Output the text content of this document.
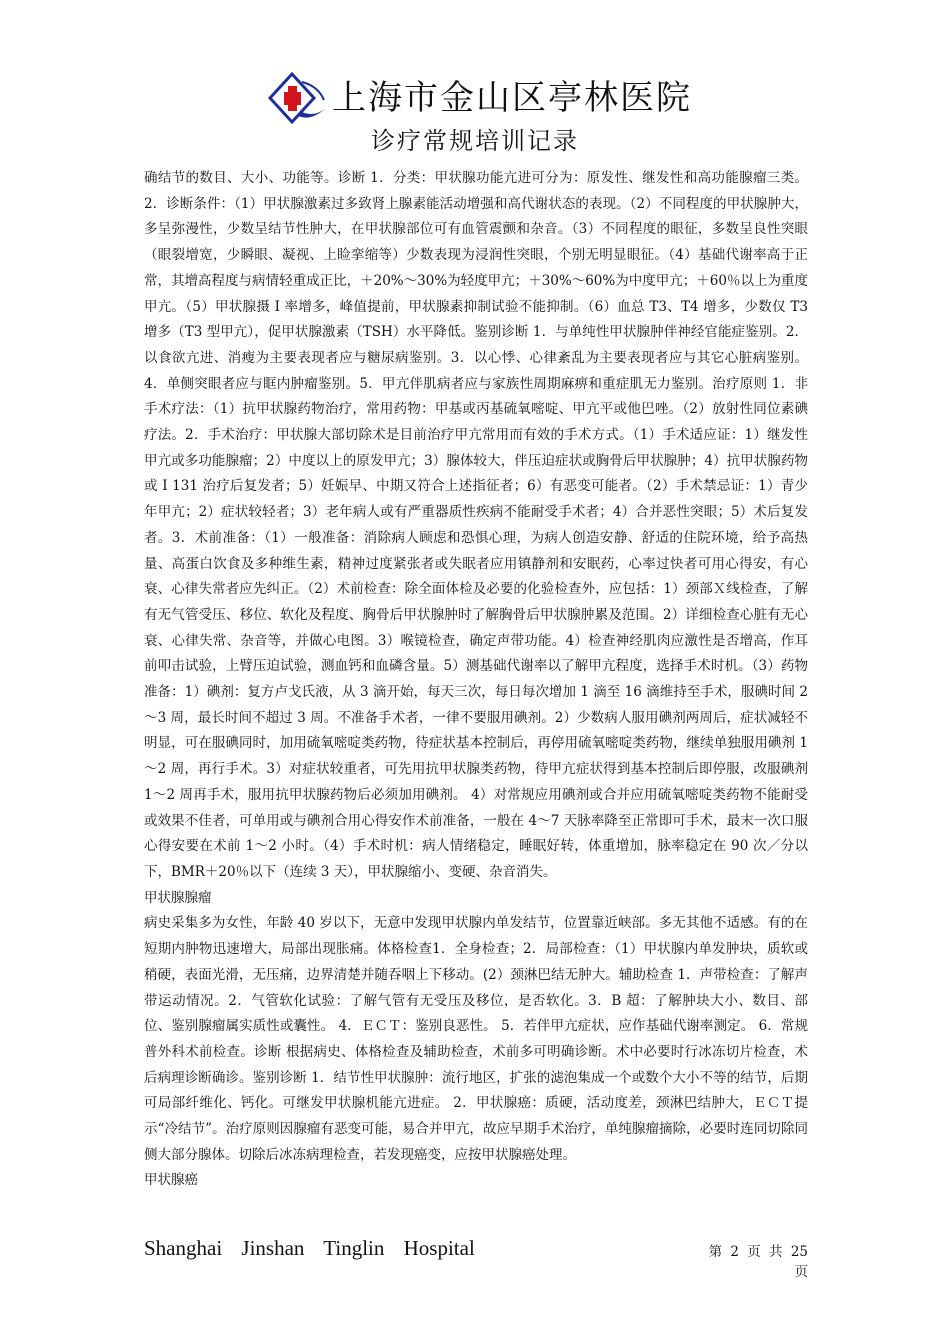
上海市金山区亭林医院
诊疗常规培训记录

确结节的数目、大小、功能等。诊断 1．分类：甲状腺功能亢进可分为：原发性、继发性和高功能腺瘤三类。2．诊断条件：（1）甲状腺激素过多致肾上腺素能活动增强和高代谢状态的表现。（2）不同程度的甲状腺肿大，多呈弥漫性，少数呈结节性肿大，在甲状腺部位可有血管震颤和杂音。（3）不同程度的眼征，多数呈良性突眼（眼裂增宽，少瞬眼、凝视、上睑挛缩等）少数表现为浸润性突眼，个别无明显眼征。（4）基础代谢率高于正常，其增高程度与病情轻重成正比，＋20%～30%为轻度甲亢；＋30%～60%为中度甲亢；＋60％以上为重度甲亢。（5）甲状腺摄 I 率增多，峰值提前，甲状腺素抑制试验不能抑制。（6）血总 T3、T4 增多，少数仅 T3 增多（T3 型甲亢），促甲状腺激素（TSH）水平降低。鉴别诊断 1．与单纯性甲状腺肿伴神经官能症鉴别。2．以食欲亢进、消瘦为主要表现者应与糖尿病鉴别。3．以心悸、心律紊乱为主要表现者应与其它心脏病鉴别。4．单侧突眼者应与眶内肿瘤鉴别。5．甲亢伴肌病者应与家族性周期麻痹和重症肌无力鉴别。治疗原则 1．非手术疗法：（1）抗甲状腺药物治疗，常用药物：甲基或丙基硫氧嘧啶、甲亢平或他巴唑。（2）放射性同位素碘疗法。2．手术治疗：甲状腺大部切除术是目前治疗甲亢常用而有效的手术方式。（1）手术适应证：1）继发性甲亢或多功能腺瘤；2）中度以上的原发甲亢；3）腺体较大，伴压迫症状或胸骨后甲状腺肿；4）抗甲状腺药物或 I 131 治疗后复发者；5）妊娠早、中期又符合上述指征者；6）有恶变可能者。（2）手术禁忌证：1）青少年甲亢；2）症状较轻者；3）老年病人或有严重器质性疾病不能耐受手术者；4）合并恶性突眼；5）术后复发者。3．术前准备：（1）一般准备：消除病人顾虑和恐惧心理，为病人创造安静、舒适的住院环境，给予高热量、高蛋白饮食及多种维生素，精神过度紧张者或失眠者应用镇静剂和安眠药，心率过快者可用心得安，有心衰、心律失常者应先纠正。（2）术前检查：除全面体检及必要的化验检查外，应包括：1）颈部Ｘ线检查，了解有无气管受压、移位、软化及程度、胸骨后甲状腺肿时了解胸骨后甲状腺肿累及范围。2）详细检查心脏有无心衰、心律失常、杂音等，并做心电图。3）喉镜检查，确定声带功能。4）检查神经肌肉应激性是否增高，作耳前叩击试验，上臂压迫试验，测血钙和血磷含量。5）测基础代谢率以了解甲亢程度，选择手术时机。（3）药物准备：1）碘剂：复方卢戈氏液，从 3 滴开始，每天三次，每日每次增加 1 滴至 16 滴维持至手术，服碘时间 2～3 周，最长时间不超过 3 周。不准备手术者，一律不要服用碘剂。2）少数病人服用碘剂两周后，症状减轻不明显，可在服碘同时，加用硫氧嘧啶类药物，待症状基本控制后，再停用硫氧嘧啶类药物，继续单独服用碘剂 1～2 周，再行手术。3）对症状较重者，可先用抗甲状腺类药物，待甲亢症状得到基本控制后即停服，改服碘剂 1～2 周再手术，服用抗甲状腺药物后必须加用碘剂。 4）对常规应用碘剂或合并应用硫氧嘧啶类药物不能耐受或效果不佳者，可单用或与碘剂合用心得安作术前准备，一般在 4～7 天脉率降至正常即可手术，最末一次口服心得安要在术前 1～2 小时。（4）手术时机：病人情绪稳定，睡眠好转，体重增加，脉率稳定在 90 次／分以下，BMR＋20％以下（连续 3 天），甲状腺缩小、变硬、杂音消失。

甲状腺腺瘤

病史采集多为女性，年龄 40 岁以下，无意中发现甲状腺内单发结节，位置靠近峡部。多无其他不适感。有的在短期内肿物迅速增大，局部出现胀痛。体格检查1．全身检查；2．局部检查：（1）甲状腺内单发肿块，质软或稍硬，表面光滑，无压痛，边界清楚并随吞咽上下移动。(2）颈淋巴结无肿大。辅助检查 1．声带检查：了解声带运动情况。2．气管软化试验：了解气管有无受压及移位，是否软化。3．B 超：了解肿块大小、数目、部位、鉴别腺瘤属实质性或囊性。 4．ＥＣＴ：鉴别良恶性。 5．若伴甲亢症状，应作基础代谢率测定。 6．常规普外科术前检查。诊断 根据病史、体格检查及辅助检查，术前多可明确诊断。术中必要时行冰冻切片检查，术后病理诊断确诊。鉴别诊断 1．结节性甲状腺肿：流行地区，扩张的滤泡集成一个或数个大小不等的结节，后期可局部纤维化、钙化。可继发甲状腺机能亢进症。 2．甲状腺癌：质硬，活动度差，颈淋巴结肿大，ＥＣＴ提示“冷结节”。治疗原则因腺瘤有恶变可能，易合并甲亢，故应早期手术治疗，单纯腺瘤摘除，必要时连同切除同侧大部分腺体。切除后冰冻病理检查，若发现癌变，应按甲状腺癌处理。

甲状腺癌

Shanghai Jinshan Tinglin Hospital	第 2 页 共 25 页
